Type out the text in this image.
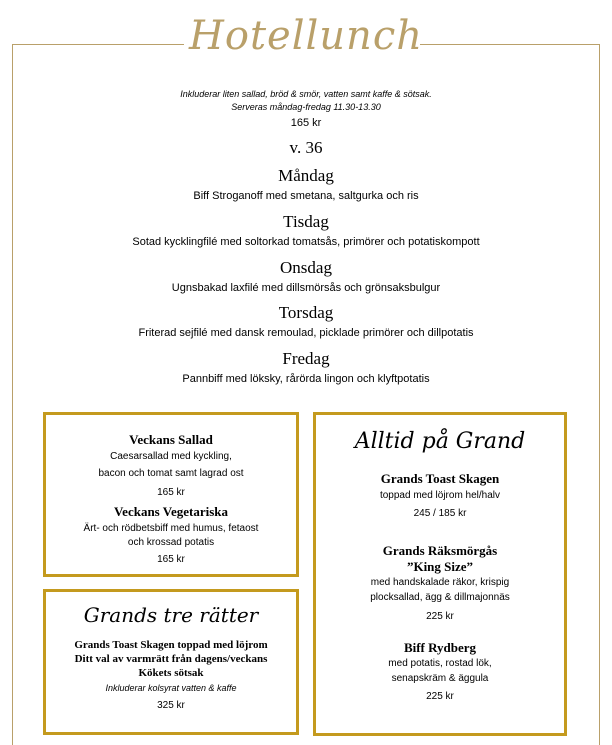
Hotellunch
Inkluderar liten sallad, bröd & smör, vatten samt kaffe & sötsak.
Serveras måndag-fredag 11.30-13.30
165 kr
v. 36
Måndag
Biff Stroganoff med smetana, saltgurka och ris
Tisdag
Sotad kycklingfilé med soltorkad tomatsås, primörer och potatiskompott
Onsdag
Ugnsbakad laxfilé med dillsmörsås och grönsaksbulgur
Torsdag
Friterad sejfilé med dansk remoulad, picklade primörer och dillpotatis
Fredag
Pannbiff med löksky, rårörda lingon och klyftpotatis
Veckans Sallad
Caesarsallad med kyckling,
bacon och tomat samt lagrad ost
165 kr
Veckans Vegetariska
Ärt- och rödbetsbiff med humus, fetaost
och krossad potatis
165 kr
Grands tre rätter
Grands Toast Skagen toppad med löjrom
Ditt val av varmrätt från dagens/veckans
Kökets sötsak
Inkluderar kolsyrat vatten & kaffe
325 kr
Alltid på Grand
Grands Toast Skagen
toppad med löjrom hel/halv
245 / 185 kr
Grands Räksmörgås
”King Size”
med handskalade räkor, krispig
plocksallad, ägg & dillmajonnäs
225 kr
Biff Rydberg
med potatis, rostad lök,
senapskräm & äggula
225 kr
